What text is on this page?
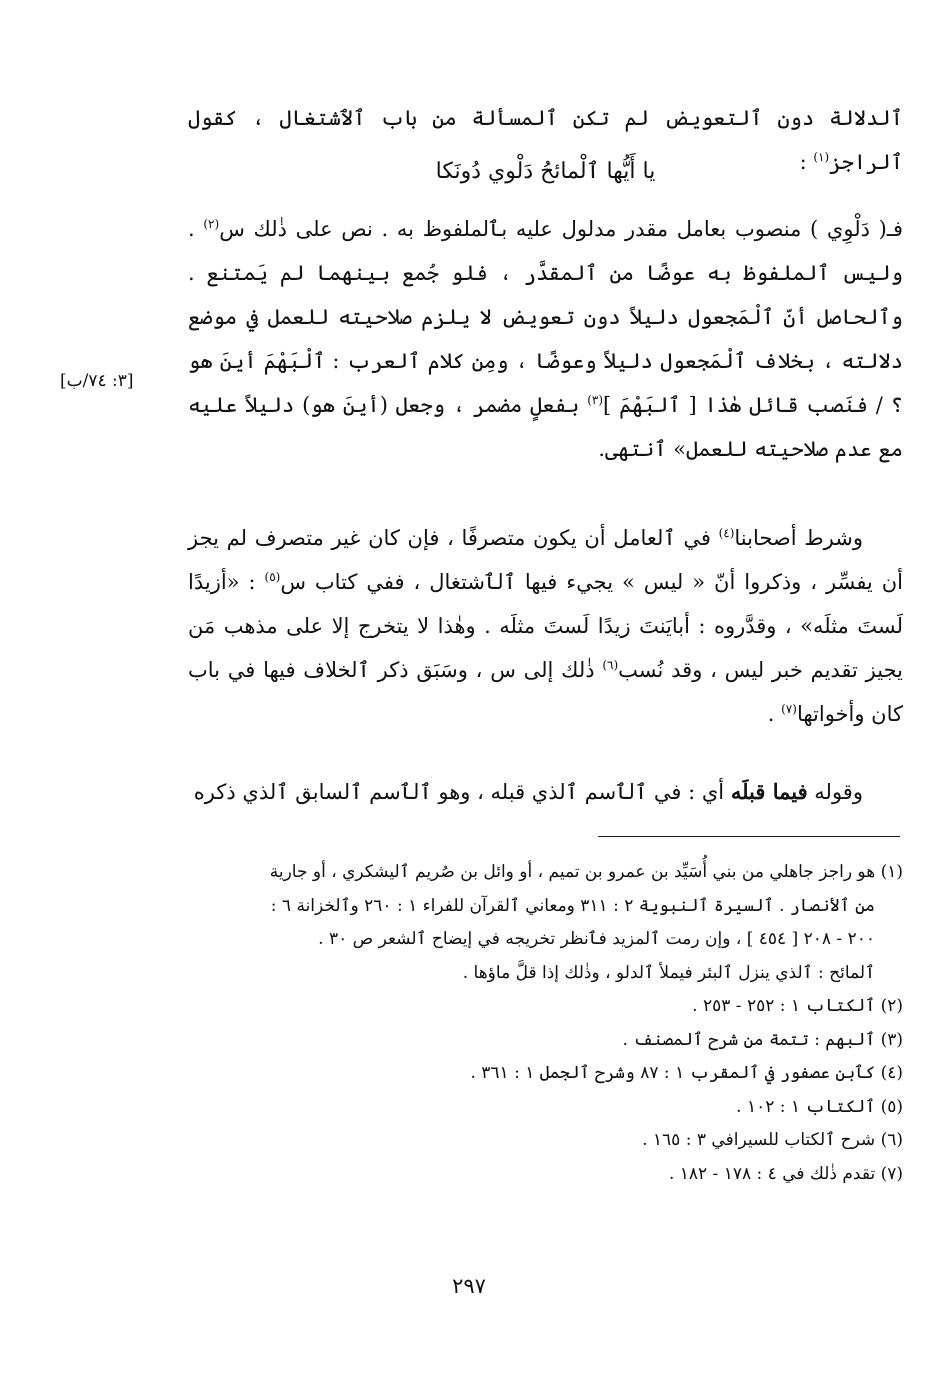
ٱلدلالة دون ٱلتعويض لم تكن ٱلمسألة من باب ٱلٱشتغال ، كقول ٱلراجز$^{(١)}$ :

يا أَيُّها ٱلْمائحُ دَلْوي دُونَكا

فـ( دَلْوِي ) منصوب بعامل مقدر مدلول عليه بٱلملفوظ به . نص على ذٰلك س$^{(٢)}$ . وليس ٱلملفوظ به عوضًا من ٱلمقدَّر ، فلو جُمع بينهما لم يَمتنع . وٱلحاصل أنّ ٱلْمَجعول دليلاً دون تعويض لا يلزم صلاحيته للعمل في موضع دلالته ، بخلاف ٱلْمَجعول دليلاً وعوضًا ، ومِن كلام ٱلعرب : ٱلْبَهْمَ أينَ هو ؟ / فنَصب قائل هٰذا [ ٱلبَهْمَ ]$^{(٣)}$ بفعلٍ مضمر ، وجعل (أينَ هو) دليلاً عليه مع عدم صلاحيته للعمل» ٱنتهى.

[٣: ٧٤/ب]

وشرط أصحابنا$^{(٤)}$ في ٱلعامل أن يكون متصرفًا ، فإن كان غير متصرف لم يجز أن يفسِّر ، وذكروا أنّ « ليس » يجيء فيها ٱلٱشتغال ، ففي كتاب س$^{(٥)}$ : «أزيدًا لَستَ مثلَه» ، وقدَّروه : أبايَنتَ زيدًا لَستَ مثلَه . وهٰذا لا يتخرج إلا على مذهب مَن يجيز تقديم خبر ليس ، وقد نُسب$^{(٦)}$ ذٰلك إلى س ، وسَبَق ذكر ٱلخلاف فيها في باب كان وأخواتها$^{(٧)}$ .

وقوله فيما قبلَه أي : في ٱلٱسم ٱلذي قبله ، وهو ٱلٱسم ٱلسابق ٱلذي ذكره

(١) هو راجز جاهلي من بني أُسَيِّد بن عمرو بن تميم ، أو وائل بن صُريم ٱليشكري ، أو جارية
من ٱلأنصار . ٱلسيرة ٱلنبوية ٢ : ٣١١ ومعاني ٱلقرآن للفراء ١ : ٢٦٠ وٱلخزانة ٦ :
٢٠٠ - ٢٠٨ [ ٤٥٤ ] ، وإن رمت ٱلمزيد فٱنظر تخريجه في إيضاح ٱلشعر ص ٣٠ .
ٱلمائح : ٱلذي ينزل ٱلبئر فيملأ ٱلدلو ، وذٰلك إذا قلَّ ماؤها .
(٢) ٱلكتاب ١ : ٢٥٢ - ٢٥٣ .
(٣) ٱلبهم : تتمة من شرح ٱلمصنف .
(٤) كٱبن عصفور في ٱلمقرب ١ : ٨٧ وشرح ٱلجمل ١ : ٣٦١ .
(٥) ٱلكتاب ١ : ١٠٢ .
(٦) شرح ٱلكتاب للسيرافي ٣ : ١٦٥ .
(٧) تقدم ذٰلك في ٤ : ١٧٨ - ١٨٢ .
٢٩٧
